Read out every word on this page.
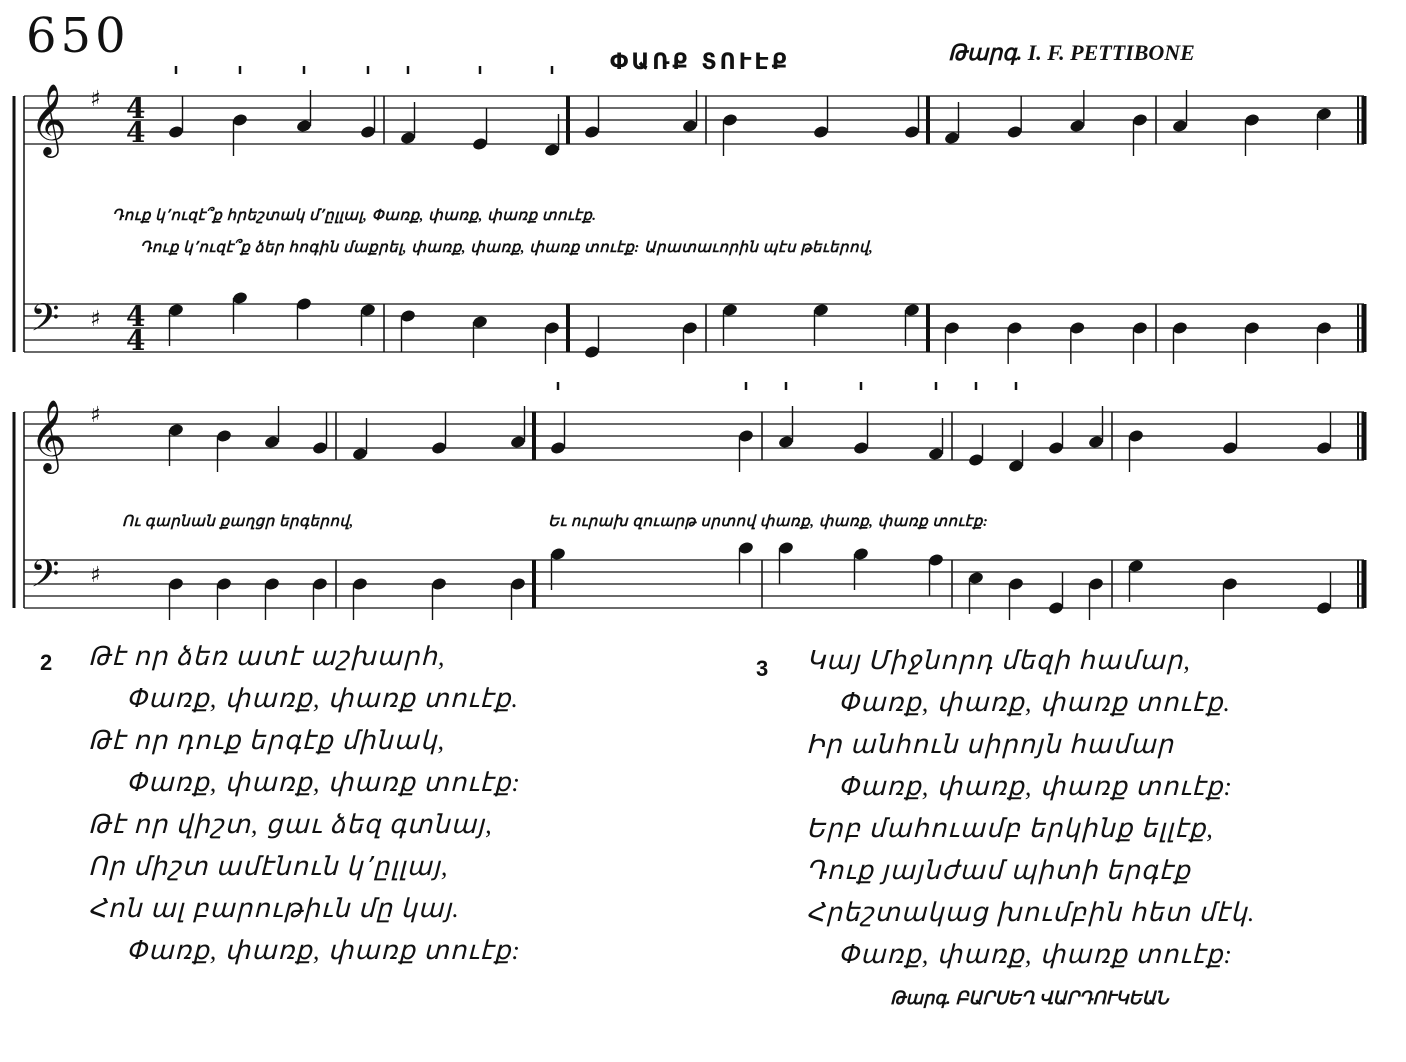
650	ՓԱՌՔ ՏՈՒԷՔ	Թարգ. I. F. PETTIBONE
𝄞 ♯ 4
4
𝄢 ♯ 4
4
𝄞 ♯
𝄢 ♯
Դուք կ՚ուզէ՞ք հրեշտակ մ՚ըլլալ, Փառք, փառք, փառք տուէք.
Դուք կ՚ուզէ՞ք ձեր հոգին մաքրել, փառք, փառք, փառք տուէք: Արատաւորին պէս թեւերով,
Ու գարնան քաղցր երգերով,	Եւ ուրախ զուարթ սրտով փառք, փառք, փառք տուէք:
2 Թէ որ ձեռ ատէ աշխարհ,
Փառք, փառք, փառք տուէք.
Թէ որ դուք երգէք մինակ,
Փառք, փառք, փառք տուէք:
Թէ որ վիշտ, ցաւ ձեզ գտնայ,
Որ միշտ ամէնուն կ՚ըլլայ,
Հոն ալ բարութիւն մը կայ.
Փառք, փառք, փառք տուէք:
3 Կայ Միջնորդ մեզի համար,
Փառք, փառք, փառք տուէք.
Իր անհուն սիրոյն համար
Փառք, փառք, փառք տուէք:
Երբ մահուամբ երկինք ելլէք,
Դուք յայնժամ պիտի երգէք
Հրեշտակաց խումբին հետ մէկ.
Փառք, փառք, փառք տուէք:
Թարգ. ԲԱՐՍԵՂ ՎԱՐԴՈՒԿԵԱՆ
